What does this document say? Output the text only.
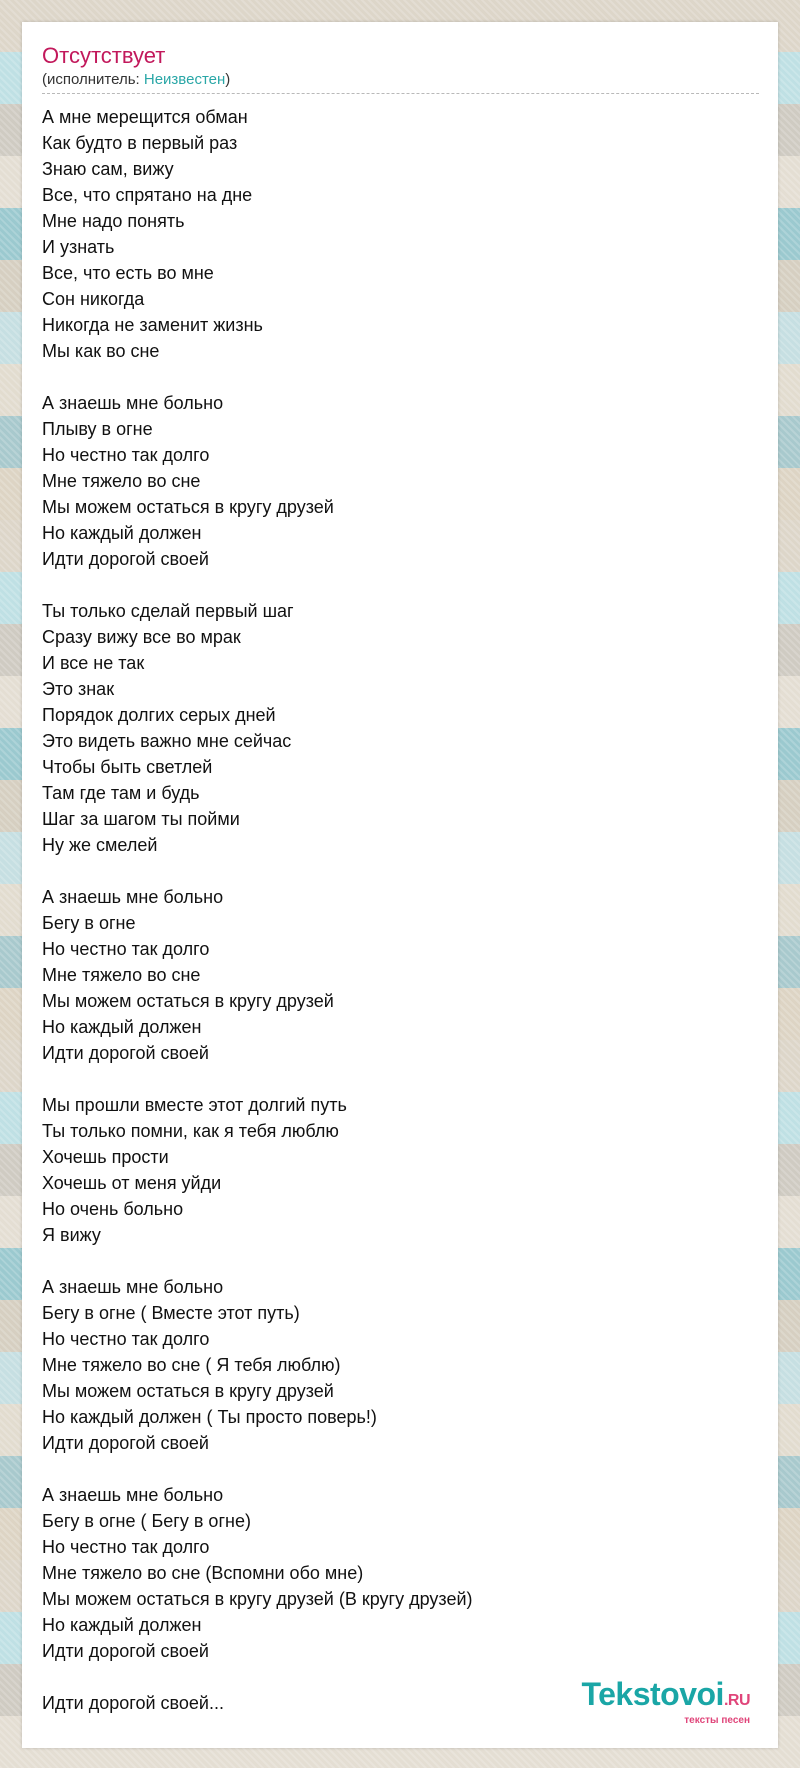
Отсутствует
(исполнитель: Неизвестен)
А мне мерещится обман
Как будто в первый раз
Знаю сам, вижу
Все, что спрятано на дне
Мне надо понять
И узнать
Все, что есть во мне
Сон никогда
Никогда не заменит жизнь
Мы как во сне
А знаешь мне больно
Плыву в огне
Но честно так долго
Мне тяжело во сне
Мы можем остаться в кругу друзей
Но каждый должен
Идти дорогой своей
Ты только сделай первый шаг
Сразу вижу все во мрак
И все не так
Это знак
Порядок долгих серых дней
Это видеть важно мне сейчас
Чтобы быть светлей
Там где там и будь
Шаг за шагом ты пойми
Ну же смелей
А знаешь мне больно
Бегу в огне
Но честно так долго
Мне тяжело во сне
Мы можем остаться в кругу друзей
Но каждый должен
Идти дорогой своей
Мы прошли вместе этот долгий путь
Ты только помни, как я тебя люблю
Хочешь прости
Хочешь от меня уйди
Но очень больно
Я вижу
А знаешь мне больно
Бегу в огне ( Вместе этот путь)
Но честно так долго
Мне тяжело во сне ( Я тебя люблю)
Мы можем остаться в кругу друзей
Но каждый должен ( Ты просто поверь!)
Идти дорогой своей
А знаешь мне больно
Бегу в огне ( Бегу в огне)
Но честно так долго
Мне тяжело во сне (Вспомни обо мне)
Мы можем остаться в кругу друзей (В кругу друзей)
Но каждый должен
Идти дорогой своей
Идти дорогой своей...	Tekstovoi.RU
тексты песен
